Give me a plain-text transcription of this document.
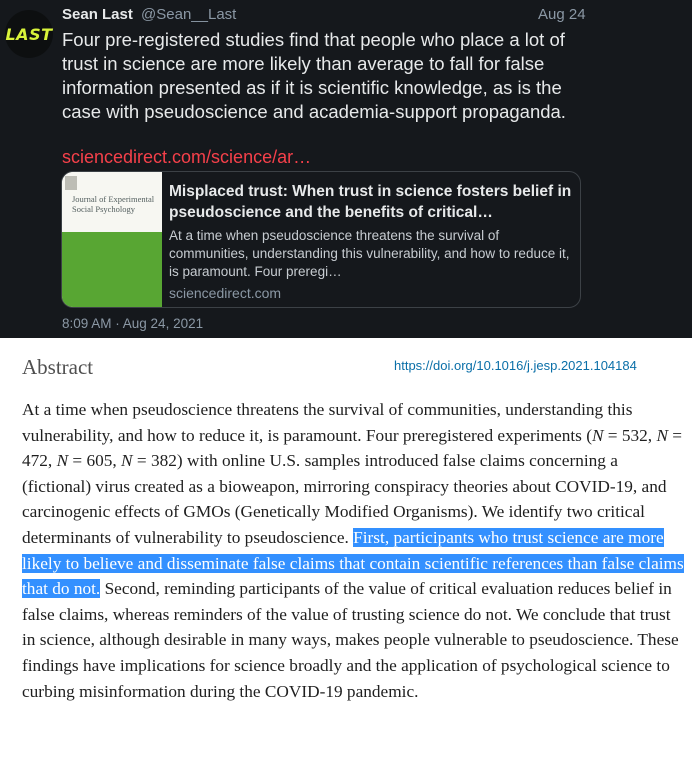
LAST
Sean Last @Sean__Last	Aug 24
Four pre-registered studies find that people who place a lot of trust in science are more likely than average to fall for false information presented as if it is scientific knowledge, as is the case with pseudoscience and academia-support propaganda.
sciencedirect.com/science/ar…
Journal of Experimental Social Psychology
Misplaced trust: When trust in science fosters belief in pseudoscience and the benefits of critical…
At a time when pseudoscience threatens the survival of communities, understanding this vulnerability, and how to reduce it, is paramount. Four preregi…
sciencedirect.com
8:09 AM · Aug 24, 2021
Abstract	https://doi.org/10.1016/j.jesp.2021.104184

At a time when pseudoscience threatens the survival of communities, understanding this vulnerability, and how to reduce it, is paramount. Four preregistered experiments (N = 532, N = 472, N = 605, N = 382) with online U.S. samples introduced false claims concerning a (fictional) virus created as a bioweapon, mirroring conspiracy theories about COVID-19, and carcinogenic effects of GMOs (Genetically Modified Organisms). We identify two critical determinants of vulnerability to pseudoscience. First, participants who trust science are more likely to believe and disseminate false claims that contain scientific references than false claims that do not. Second, reminding participants of the value of critical evaluation reduces belief in false claims, whereas reminders of the value of trusting science do not. We conclude that trust in science, although desirable in many ways, makes people vulnerable to pseudoscience. These findings have implications for science broadly and the application of psychological science to curbing misinformation during the COVID-19 pandemic.
